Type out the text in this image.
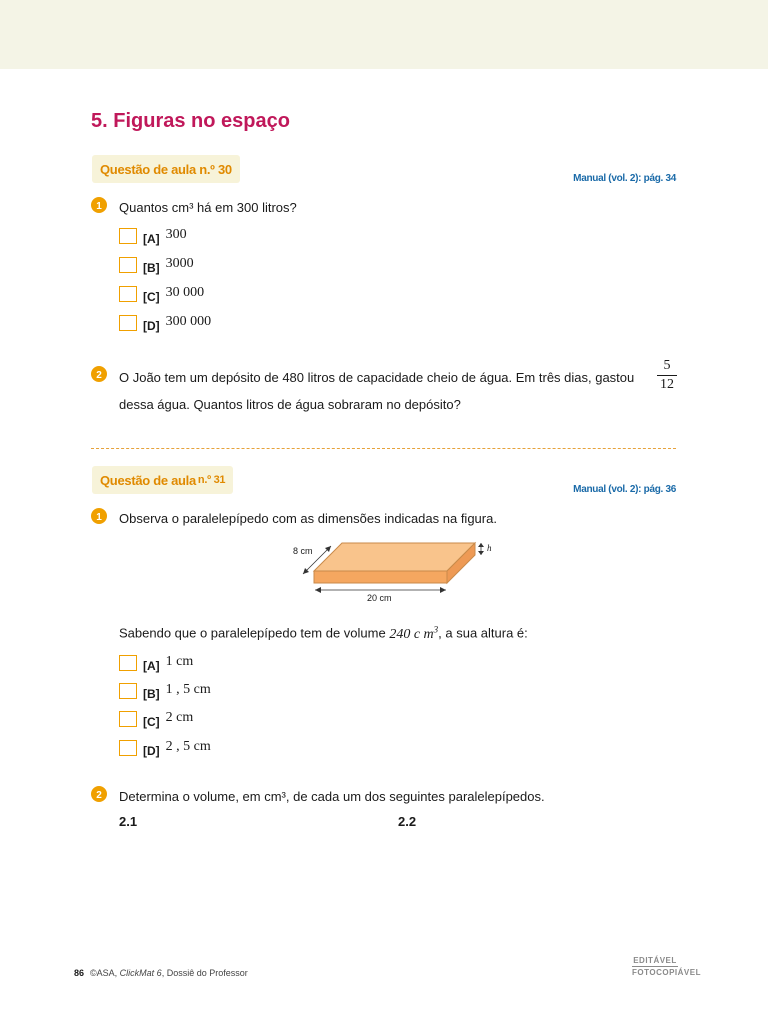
5. Figuras no espaço
Questão de aula n.º 30
Manual (vol. 2): pág. 34
1	Quantos cm³ há em 300 litros?
[A] 300
[B] 3000
[C] 30 000
[D] 300 000
2	O João tem um depósito de 480 litros de capacidade cheio de água. Em três dias, gastou
5
12
dessa água. Quantos litros de água sobraram no depósito?
Questão de aula n.º 31
Manual (vol. 2): pág. 36
1	Observa o paralelepípedo com as dimensões indicadas na figura.
8 cm
20 cm
h
Sabendo que o paralelepípedo tem de volume 240 c $m^3$, a sua altura é:
[A] 1 cm
[B] 1 , 5 cm
[C] 2 cm
[D] 2 , 5 cm
2	Determina o volume, em cm³, de cada um dos seguintes paralelepípedos.
2.1	2.2
86 ©ASA, ClickMat 6, Dossiê do Professor
EDITÁVEL
FOTOCOPIÁVEL
